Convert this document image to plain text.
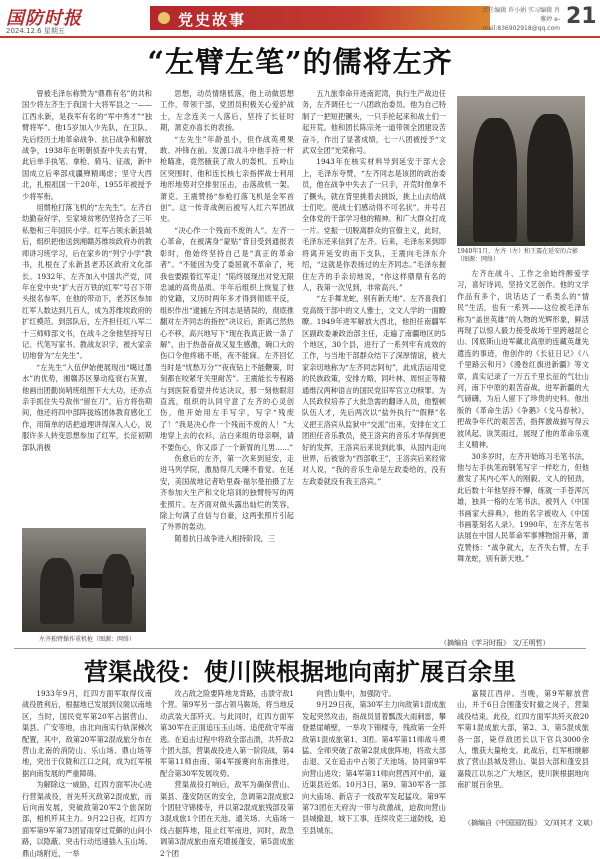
国防时报
2024.12.6 星期五
党史故事
责任编辑 许小娟 实习编辑 肖雅婷 e-mail:836902918@qq.com 21
“左臂左笔”的儒将左齐

曾被毛泽东称赞为“鼎鼎有名”的共和国少将左齐生于我国十大将军县之一——江西永新，是我军有名的“军中秀才”“独臂将军”。他15岁加入少先队，在卫队、先后经历土地革命战争、抗日战争和解放战争，1938年在明朝侦查中失去右臂，此后单手执笔、拿枪、骑马、征战，新中国成立后率部戍疆殚精竭虑；坚守大西北，扎根祖国一干20年，1955年被授予少将军衔。

用惯枪打落飞机的“左先生”。左齐自幼勤奋好学，至家境贫寒仍坚持念了三年私塾和三年国民小学。红军占领永新县城后，组织把他送到湘赣苏维埃政府办的教师讲习班学习，后在家乡的“列宁小学”教书，扎根在了永新县老苏区政府文化部长。1932年，左齐加入中国共产党，同年在党中央“扩大百万铁的红军”号召下带头报名参军，在他的带动下，老苏区参加红军人数达到几百人，成为苏维埃政府的扩红模范。到部队后，左齐担任红八军二十三师师部文书，在战斗之余他坚持写日记、代笔写家书、教战友识字，被大家亲切地誉为“左先生”。

“左先生”入伍伊始便展现出“噶过墨水”的优势，湘赣苏区暴动疫衰右灰置，他画出团勤岗哨班组图下大大功，还亦点亲手抓住失号敌伟“留在刀”，后方将伤期间，他还将四中部阵拢练团体教育感化工作，用简单的话把道理讲得深入人心，说服许多人转变思想参加了红军，长征初期部队消极

左齐独臂操作重机枪（图源：网络）

思想，动员情绪低落，他上动做思想工作，带领干部，党团员积极关心爱护战士，左念连关一人落后，坚持了长征时期，萧克亦喜长的表扬。

“左先生”年龄虽小，但作战英勇果敢、冲锋在前。发源口战斗中他手持一杆枪瞄准，竟然腋获了敌人的轰机。五岭山区突围时，他和连长核七亲指挥战士利用地形地势对空排射压击，击落敌机一架。萧克、王震赞扬“参枪打落飞机是全军首创”。这一传奇战例后被写入红六军团战史。

“决心作一个残而不废的人”。左齐一心革命，在被满身“蒙贴”背目受到通报表彰时，他始终坚持自己是“真正的革命者”。“不能因为受了委屈就不革命了，死我也要跟着红军走！”陷终展现出对党无限忠诚的高贵品质。半年后组织上恢复了他的党籍，又历时两年多才得到彻底平反，组织作出“逮捕左齐同志是错误的，彻底推翻对左齐同志的指控”决议后，距离已然热心不移，高兴地写下“现在我真正做一条了解”，由于热备奋战又复生感激，碗口大的伤口令他疼痛不堪，夜不能寐。左齐回忆当时是“忧愁万分”“夜夜钻上不能鞭策，时刻都在咬紧牙关里耐苦”。王震能长专程路与到医院看望并传达决议，那一刻他眼泪直流，组织的认同守意了左齐的心灵创伤，他开始用左手写字，写字“残废了！”我是决心作一个残而不废的人！”大地穿上去的衣衫，沾白来组的母亲啊，请不要伤心，你又添了一个新胃的儿男……”

伤愈后的左齐，第一次来到延安，走进马列学院，激励得几天睡不着觉。在延安，美国战地记者哈里森·福尔曼拍摄了左齐参加大生产和文化培训的独臂特写的两张照片。左齐面对做头露出灿烂的笑容，除上句满了自信与自豪，这两张照片引起了外界的轰动。

随着抗日战争进入相持阶段，三

五九旅奉命开进南泥湾，执行生产战边任务，左齐调任七一八团政治委员。他为自己特制了一把短把镢头，一只手抡起来和战士们一起开荒。他和团长陈宗尧一道带领全团建设苦奋斗，作出了显著成绩，七一八团被授予“文武双全团”光荣称号。

1943年在核实材料导到延安于部大会上，毛泽东夸赞，“左齐同志是该团的政治委员，他在战争中失去了一只手，开荒时他拿不了撅头，就在背里挑着去挑饭，挑上山去给战士们吃。使战士们感动得不可名状”。并号召全体党的干部学习他的精神。和广大群众打成一片。党振一切脱离群众的官僚主义，此时，毛泽东还来信到了左齐。后来，毛泽东来到即将离开延安的南下支队，王震向毛泽东介绍，“这就是你表扬过的左齐同志。”毛泽东握住左齐的手亲切地说，“你这样鼎鼎有名的人，我第一次见到，非常高兴。”

“左手舞龙蛇，别有新天地”。左齐喜我们党高级干部中的文人雅士，文文人学的一面瞭瞭。1949年进军解放大西北，他担任南疆军区副政委兼政治部主任，走遍了南疆地区的5个地区，30个县，进行了一系列牢有成效的工作，与当地干部群众结下了深厚情谊，被大家亲切地称为“左齐同志阿旬”，此成活运用党的民族政策，安排方略，同叶林、周恒正等精通维汉两种语言的国民党旧军官立功赎罪。为人民政权培养了大批急需的翻译人员，他整顿队伍人才，先后两次以“盐外执行”“假释”名义把王洛宾从监狱中“交派”出来，安排在文工团担任音乐教员，使王洛宾的音乐才华得到更好的发挥，王洛宾后来说到此事，从国内走向世界，后被誉为“西部歌王”，王洛宾后来经常对人说，“我的音乐生命是左政委给的，没有左政委就没有我王洛宾。”

1940年1月，左齐（左）和王震在延安的合影（图源：网络）

左齐在战斗、工作之余始终醉爱学习，喜好诗词，坚持文艺创作。他的文学作品有多个，说话达了一系类么的“情民”生活，也有一系列——这位被毛泽东称为“盖世英雄”的人物的光辉形象，鲜活再现了以惊人毅力接受战场于里跨越昆仑山、冈底斯山进军藏北高原的连藏英雄先遣连的事迹，他创作的《长征日记》《八千里路云和月》《漫卷红旗进新疆》等文章，真实记录了一万五千里长征的气壮山河，南下中原的艰苦奋战，进军新疆的大气磅礴，为后人留下了珍贵的史料。他出版的《革命生活》《争鹅》《戈马春秋》，把战争年代的艰苦苦，指挥激战描写得云波风起、诙笑雨过，展现了他的革命乐观主义精神。

30多岁时，左齐开始练习毛笔书法，他与左手执笔而钢笔写字一样吃力，但他激发了其内心军人的刚毅、文人的韧劲，此后数十年他坚持不懈，练就一手苍浑沉雄，独具一格的左笔书法，被列入《中国书画家大辞典》，他的名字被收入《中国书画篆刻名人录》。1990年，左齐左笔书法展在中国人民革命军事博物馆开幕，萧克赞扬：“战争就大，左齐失右臂，左手舞龙蛇，别有新天地。”

（摘编自《学习时报》 文/王明哲）
营渠战役：使川陕根据地向南扩展百余里

1933年9月，红四方面军取得仪南战役胜利后，根据地已发展到仪陇以南地区，当时，国民党军第20军占据营山、渠县、广安等地，由北向南实行轨深梯次配置，其中，敌第20军第2混成旅分布在营山北南的消防山、乐山场、鼎山场等地，突出于仪陇和江口之间，成为红军根据向南发展的严重障碍。

为解除这一威胁，红四方面军决心进行营渠战役，首先歼灭敌第2混成旅，而后向南发展，突破敌第20军2个旅深防部，相机歼其主力。9月22日夜，红四方面军第9军第73团冒雨穿过荒僻的山间小路，以隐蔽、突击行动迅速插入玉山场、鼎山场附近，一举

攻占敌之险要阵地龙背路，击溃守敌1个营。第9军另一部占领马鞍场，将当地反动武装大部歼灭。与此同时，红四方面军第30军在正面追压玉山场、追使敌守军南逃。在追击过程中将敌全部击溃，共歼敌2个团大部，营渠战役进入第一阶段战，第4军第11师由南、第4军援赛向东南推进，配合第30军发展攻势。

营渠战役打响后，敌军为确保营山、渠县、蓬安防区的安全，急调第2混成旅2个团驻守锦楼寺，并以第2混成旅残部及第3混成旅1个团在天池、通关场、大庙场一线占据阵地，阻止红军南进，同时，敌急调第3混成旅由南充增援蓬安，第5混成旅2个团

向营山集中，加强防守。

9月29日夜，第30军主力向敌第1混成旅发起突然攻击，指战员冒着瓢泼大雨刺雷，攀登悬崖峭壁，一举攻下锦楼寺，残敌第一全歼敌第1混成旅第1、3团。第4军第11师战斗勇猛、全师突破了敌第2混成旅阵地，将敌大部击退、又在追击中占领了天池场，协同第9军向营山进攻；第4军第11师向营西河中前，逼近渠县近郊。10月3日，第9、第30军各一部向大庙场、新店子一线敌军发起猛攻。第9军第73团在天府沟一带与敌激战，迫敌向营山县城撤退，城下工事，连续攻克三道防线，追至县城东。

嘉陵江西岸。当晚，第9军解放营山，并于6日合围蓬安时撤之岗子，营渠战役结束。此役，红四方面军共歼灭敌20军第1混成旅大部，第2、3、第5混成旅各一部，毙俘敌团长以下官兵3000余人，缴获大量枪支。此战后，红军相继解放了营山县城及营山、渠县大部和蓬安县嘉陵江以东之广大地区，使川陕根据地向南扩展百余里。

（摘编自《中国国防报》 文/刘其才 文斌）
